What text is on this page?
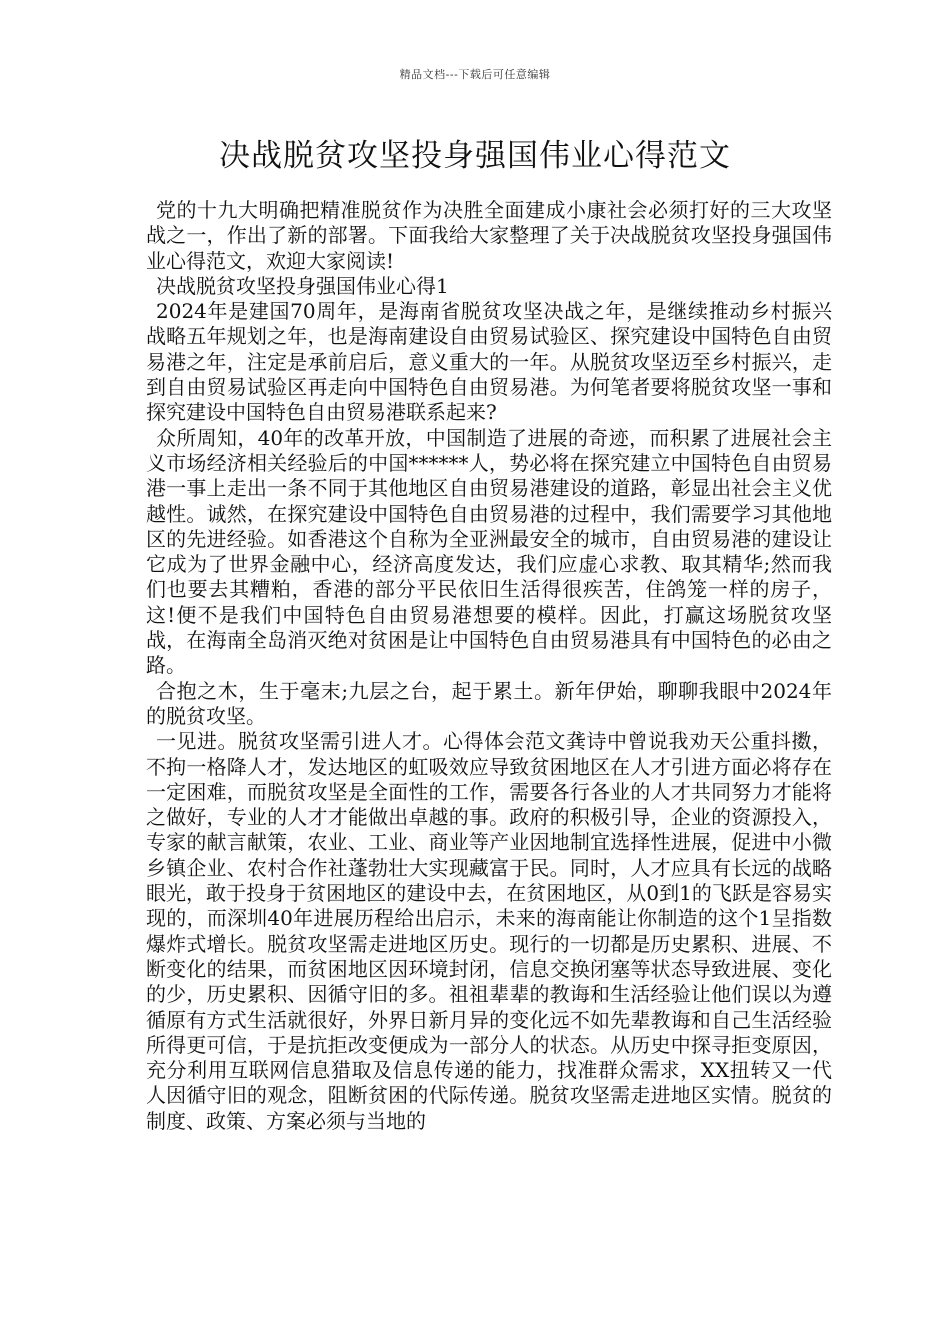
精品文档---下载后可任意编辑
决战脱贫攻坚投身强国伟业心得范文

党的十九大明确把精准脱贫作为决胜全面建成小康社会必须打好的三大攻坚战之一，作出了新的部署。下面我给大家整理了关于决战脱贫攻坚投身强国伟业心得范文，欢迎大家阅读!

决战脱贫攻坚投身强国伟业心得1

2024年是建国70周年，是海南省脱贫攻坚决战之年，是继续推动乡村振兴战略五年规划之年，也是海南建设自由贸易试验区、探究建设中国特色自由贸易港之年，注定是承前启后，意义重大的一年。从脱贫攻坚迈至乡村振兴，走到自由贸易试验区再走向中国特色自由贸易港。为何笔者要将脱贫攻坚一事和探究建设中国特色自由贸易港联系起来?

众所周知，40年的改革开放，中国制造了进展的奇迹，而积累了进展社会主义市场经济相关经验后的中国******人，势必将在探究建立中国特色自由贸易港一事上走出一条不同于其他地区自由贸易港建设的道路，彰显出社会主义优越性。诚然，在探究建设中国特色自由贸易港的过程中，我们需要学习其他地区的先进经验。如香港这个自称为全亚洲最安全的城市，自由贸易港的建设让它成为了世界金融中心，经济高度发达，我们应虚心求教、取其精华;然而我们也要去其糟粕，香港的部分平民依旧生活得很疾苦，住鸽笼一样的房子，这!便不是我们中国特色自由贸易港想要的模样。因此，打赢这场脱贫攻坚战，在海南全岛消灭绝对贫困是让中国特色自由贸易港具有中国特色的必由之路。

合抱之木，生于毫末;九层之台，起于累土。新年伊始，聊聊我眼中2024年的脱贫攻坚。

一见进。脱贫攻坚需引进人才。心得体会范文龚诗中曾说我劝天公重抖擞，不拘一格降人才，发达地区的虹吸效应导致贫困地区在人才引进方面必将存在一定困难，而脱贫攻坚是全面性的工作，需要各行各业的人才共同努力才能将之做好，专业的人才才能做出卓越的事。政府的积极引导，企业的资源投入，专家的献言献策，农业、工业、商业等产业因地制宜选择性进展，促进中小微乡镇企业、农村合作社蓬勃壮大实现藏富于民。同时，人才应具有长远的战略眼光，敢于投身于贫困地区的建设中去，在贫困地区，从0到1的飞跃是容易实现的，而深圳40年进展历程给出启示，未来的海南能让你制造的这个1呈指数爆炸式增长。脱贫攻坚需走进地区历史。现行的一切都是历史累积、进展、不断变化的结果，而贫困地区因环境封闭，信息交换闭塞等状态导致进展、变化的少，历史累积、因循守旧的多。祖祖辈辈的教诲和生活经验让他们误以为遵循原有方式生活就很好，外界日新月异的变化远不如先辈教诲和自己生活经验所得更可信，于是抗拒改变便成为一部分人的状态。从历史中探寻拒变原因，充分利用互联网信息猎取及信息传递的能力，找准群众需求，XX扭转又一代人因循守旧的观念，阻断贫困的代际传递。脱贫攻坚需走进地区实情。脱贫的制度、政策、方案必须与当地的
